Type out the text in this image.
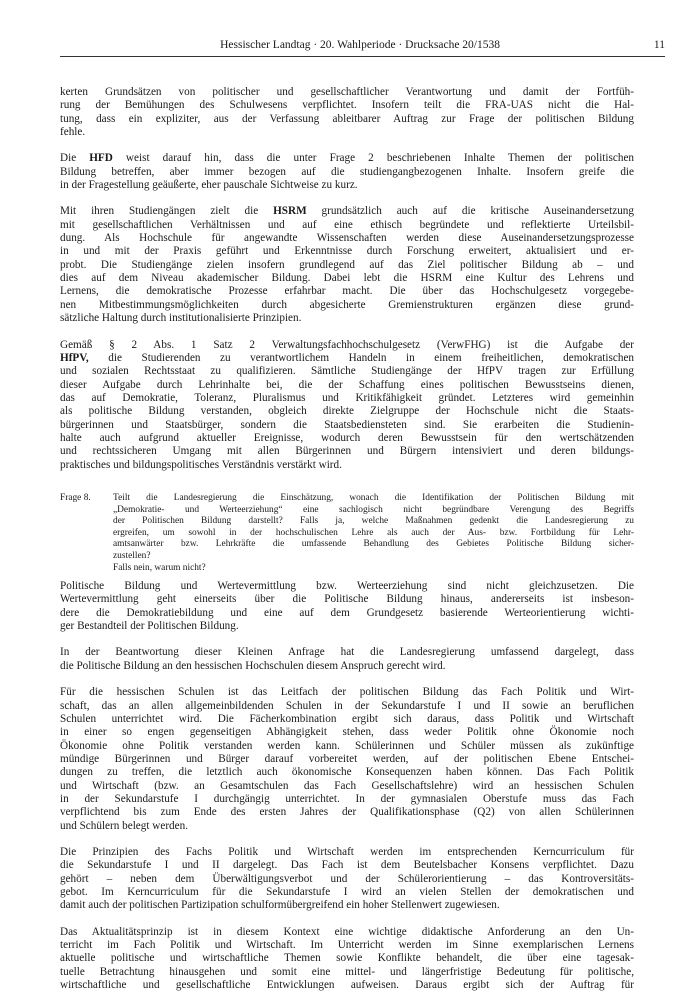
Hessischer Landtag · 20. Wahlperiode · Drucksache 20/1538	11
kerten Grundsätzen von politischer und gesellschaftlicher Verantwortung und damit der Fortfüh-
rung der Bemühungen des Schulwesens verpflichtet. Insofern teilt die FRA-UAS nicht die Hal-
tung, dass ein expliziter, aus der Verfassung ableitbarer Auftrag zur Frage der politischen Bildung
fehle.
Die HFD weist darauf hin, dass die unter Frage 2 beschriebenen Inhalte Themen der politischen
Bildung betreffen, aber immer bezogen auf die studiengangbezogenen Inhalte. Insofern greife die
in der Fragestellung geäußerte, eher pauschale Sichtweise zu kurz.
Mit ihren Studiengängen zielt die HSRM grundsätzlich auch auf die kritische Auseinandersetzung
mit gesellschaftlichen Verhältnissen und auf eine ethisch begründete und reflektierte Urteilsbil-
dung. Als Hochschule für angewandte Wissenschaften werden diese Auseinandersetzungsprozesse
in und mit der Praxis geführt und Erkenntnisse durch Forschung erweitert, aktualisiert und er-
probt. Die Studiengänge zielen insofern grundlegend auf das Ziel politischer Bildung ab – und
dies auf dem Niveau akademischer Bildung. Dabei lebt die HSRM eine Kultur des Lehrens und
Lernens, die demokratische Prozesse erfahrbar macht. Die über das Hochschulgesetz vorgegebe-
nen Mitbestimmungsmöglichkeiten durch abgesicherte Gremienstrukturen ergänzen diese grund-
sätzliche Haltung durch institutionalisierte Prinzipien.
Gemäß § 2 Abs. 1 Satz 2 Verwaltungsfachhochschulgesetz (VerwFHG) ist die Aufgabe der
HfPV, die Studierenden zu verantwortlichem Handeln in einem freiheitlichen, demokratischen
und sozialen Rechtsstaat zu qualifizieren. Sämtliche Studiengänge der HfPV tragen zur Erfüllung
dieser Aufgabe durch Lehrinhalte bei, die der Schaffung eines politischen Bewusstseins dienen,
das auf Demokratie, Toleranz, Pluralismus und Kritikfähigkeit gründet. Letzteres wird gemeinhin
als politische Bildung verstanden, obgleich direkte Zielgruppe der Hochschule nicht die Staats-
bürgerinnen und Staatsbürger, sondern die Staatsbediensteten sind. Sie erarbeiten die Studienin-
halte auch aufgrund aktueller Ereignisse, wodurch deren Bewusstsein für den wertschätzenden
und rechtssicheren Umgang mit allen Bürgerinnen und Bürgern intensiviert und deren bildungs-
praktisches und bildungspolitisches Verständnis verstärkt wird.
Frage 8.	Teilt die Landesregierung die Einschätzung, wonach die Identifikation der Politischen Bildung mit
„Demokratie- und Werteerziehung“ eine sachlogisch nicht begründbare Verengung des Begriffs
der Politischen Bildung darstellt? Falls ja, welche Maßnahmen gedenkt die Landesregierung zu
ergreifen, um sowohl in der hochschulischen Lehre als auch der Aus- bzw. Fortbildung für Lehr-
amtsanwärter bzw. Lehrkräfte die umfassende Behandlung des Gebietes Politische Bildung sicher-
zustellen?
Falls nein, warum nicht?
Politische Bildung und Wertevermittlung bzw. Werteerziehung sind nicht gleichzusetzen. Die
Wertevermittlung geht einerseits über die Politische Bildung hinaus, andererseits ist insbeson-
dere die Demokratiebildung und eine auf dem Grundgesetz basierende Werteorientierung wichti-
ger Bestandteil der Politischen Bildung.
In der Beantwortung dieser Kleinen Anfrage hat die Landesregierung umfassend dargelegt, dass
die Politische Bildung an den hessischen Hochschulen diesem Anspruch gerecht wird.
Für die hessischen Schulen ist das Leitfach der politischen Bildung das Fach Politik und Wirt-
schaft, das an allen allgemeinbildenden Schulen in der Sekundarstufe I und II sowie an beruflichen
Schulen unterrichtet wird. Die Fächerkombination ergibt sich daraus, dass Politik und Wirtschaft
in einer so engen gegenseitigen Abhängigkeit stehen, dass weder Politik ohne Ökonomie noch
Ökonomie ohne Politik verstanden werden kann. Schülerinnen und Schüler müssen als zukünftige
mündige Bürgerinnen und Bürger darauf vorbereitet werden, auf der politischen Ebene Entschei-
dungen zu treffen, die letztlich auch ökonomische Konsequenzen haben können. Das Fach Politik
und Wirtschaft (bzw. an Gesamtschulen das Fach Gesellschaftslehre) wird an hessischen Schulen
in der Sekundarstufe I durchgängig unterrichtet. In der gymnasialen Oberstufe muss das Fach
verpflichtend bis zum Ende des ersten Jahres der Qualifikationsphase (Q2) von allen Schülerinnen
und Schülern belegt werden.
Die Prinzipien des Fachs Politik und Wirtschaft werden im entsprechenden Kerncurriculum für
die Sekundarstufe I und II dargelegt. Das Fach ist dem Beutelsbacher Konsens verpflichtet. Dazu
gehört – neben dem Überwältigungsverbot und der Schülerorientierung – das Kontroversitäts-
gebot. Im Kerncurriculum für die Sekundarstufe I wird an vielen Stellen der demokratischen und
damit auch der politischen Partizipation schulformübergreifend ein hoher Stellenwert zugewiesen.
Das Aktualitätsprinzip ist in diesem Kontext eine wichtige didaktische Anforderung an den Un-
terricht im Fach Politik und Wirtschaft. Im Unterricht werden im Sinne exemplarischen Lernens
aktuelle politische und wirtschaftliche Themen sowie Konflikte behandelt, die über eine tagesak-
tuelle Betrachtung hinausgehen und somit eine mittel- und längerfristige Bedeutung für politische,
wirtschaftliche und gesellschaftliche Entwicklungen aufweisen. Daraus ergibt sich der Auftrag für
